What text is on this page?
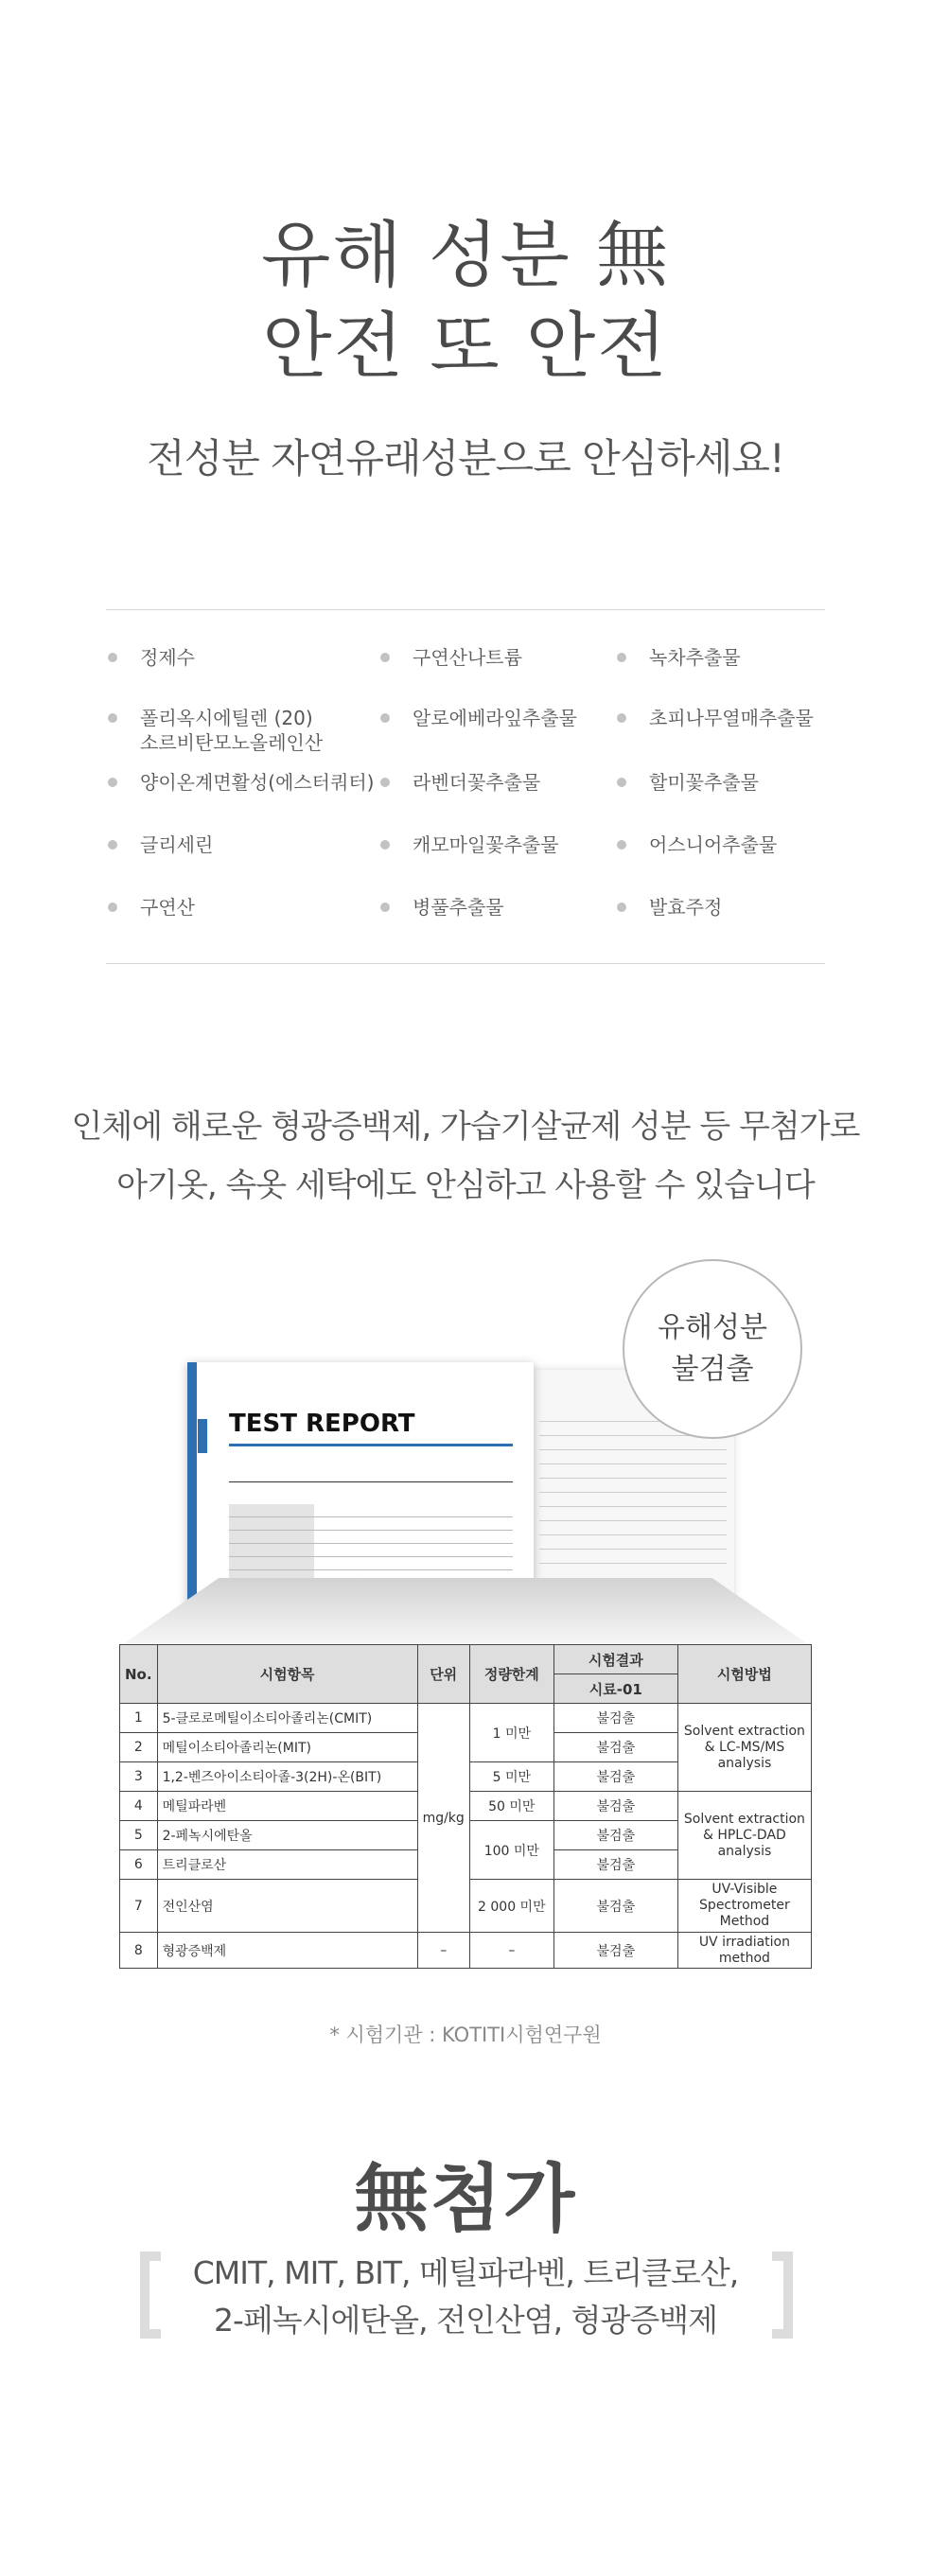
유해 성분 無
안전 또 안전
전성분 자연유래성분으로 안심하세요!
정제수	구연산나트륨	녹차추출물
폴리옥시에틸렌 (20)
소르비탄모노올레인산
알로에베라잎추출물	초피나무열매추출물
양이온계면활성(에스터쿼터) 라벤더꽃추출물	할미꽃추출물
글리세린	캐모마일꽃추출물	어스니어추출물
구연산	병풀추출물	발효주정
인체에 해로운 형광증백제, 가습기살균제 성분 등 무첨가로
아기옷, 속옷 세탁에도 안심하고 사용할 수 있습니다
TEST REPORT
유해성분
불검출
No.	시험항목	단위	정량한계	시험결과	시험방법
				시료-01	
1	5-클로로메틸이소티아졸리논(CMIT)	mg/kg	1 미만	불검출	Solvent extraction & LC-MS/MS analysis
2	메틸이소티아졸리논(MIT)			불검출	
3	1,2-벤즈아이소티아졸-3(2H)-온(BIT)		5 미만	불검출	
4	메틸파라벤		50 미만	불검출	Solvent extraction & HPLC-DAD analysis
5	2-페녹시에탄올		100 미만	불검출	
6	트리클로산			불검출	
7	전인산염		2 000 미만	불검출	UV-Visible Spectrometer Method
8	형광증백제	–	–	불검출	UV irradiation method
* 시험기관 : KOTITI시험연구원
無첨가
CMIT, MIT, BIT, 메틸파라벤, 트리클로산,
2-페녹시에탄올, 전인산염, 형광증백제
